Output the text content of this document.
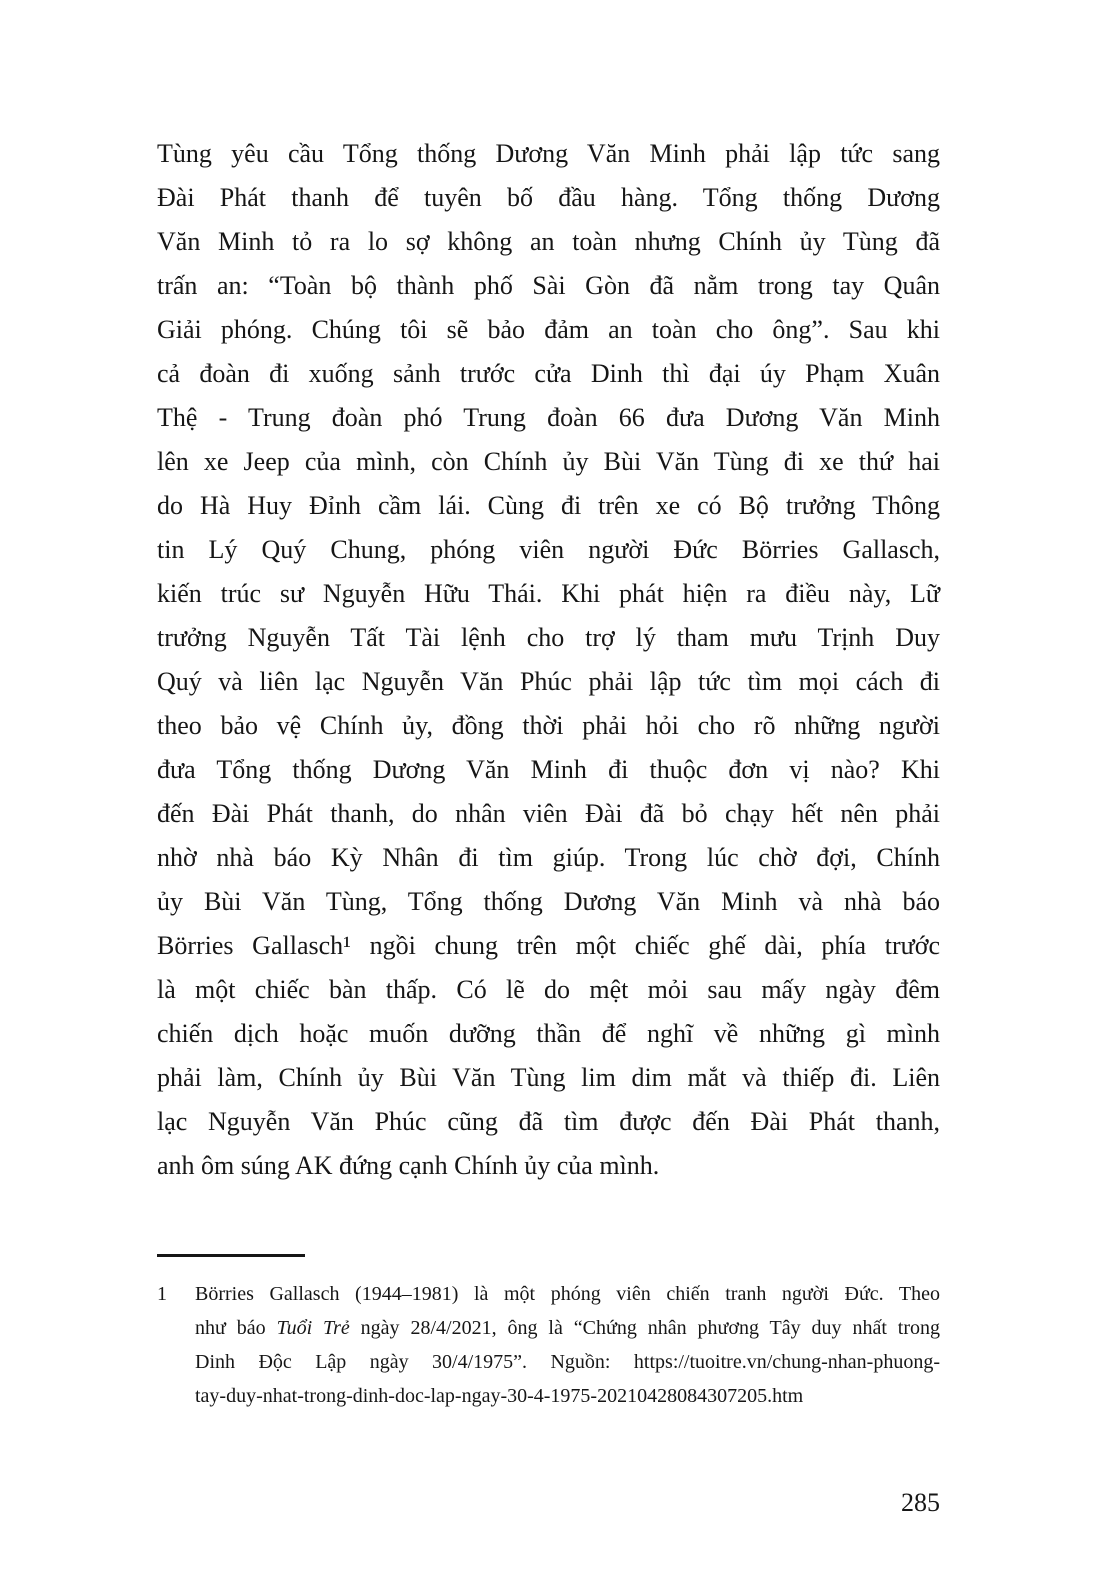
Tùng yêu cầu Tổng thống Dương Văn Minh phải lập tức sang
Đài Phát thanh để tuyên bố đầu hàng. Tổng thống Dương
Văn Minh tỏ ra lo sợ không an toàn nhưng Chính ủy Tùng đã
trấn an: “Toàn bộ thành phố Sài Gòn đã nằm trong tay Quân
Giải phóng. Chúng tôi sẽ bảo đảm an toàn cho ông”. Sau khi
cả đoàn đi xuống sảnh trước cửa Dinh thì đại úy Phạm Xuân
Thệ - Trung đoàn phó Trung đoàn 66 đưa Dương Văn Minh
lên xe Jeep của mình, còn Chính ủy Bùi Văn Tùng đi xe thứ hai
do Hà Huy Đỉnh cầm lái. Cùng đi trên xe có Bộ trưởng Thông
tin Lý Quý Chung, phóng viên người Đức Börries Gallasch,
kiến trúc sư Nguyễn Hữu Thái. Khi phát hiện ra điều này, Lữ
trưởng Nguyễn Tất Tài lệnh cho trợ lý tham mưu Trịnh Duy
Quý và liên lạc Nguyễn Văn Phúc phải lập tức tìm mọi cách đi
theo bảo vệ Chính ủy, đồng thời phải hỏi cho rõ những người
đưa Tổng thống Dương Văn Minh đi thuộc đơn vị nào? Khi
đến Đài Phát thanh, do nhân viên Đài đã bỏ chạy hết nên phải
nhờ nhà báo Kỳ Nhân đi tìm giúp. Trong lúc chờ đợi, Chính
ủy Bùi Văn Tùng, Tổng thống Dương Văn Minh và nhà báo
Börries Gallasch¹ ngồi chung trên một chiếc ghế dài, phía trước
là một chiếc bàn thấp. Có lẽ do mệt mỏi sau mấy ngày đêm
chiến dịch hoặc muốn dưỡng thần để nghĩ về những gì mình
phải làm, Chính ủy Bùi Văn Tùng lim dim mắt và thiếp đi. Liên
lạc Nguyễn Văn Phúc cũng đã tìm được đến Đài Phát thanh,
anh ôm súng AK đứng cạnh Chính ủy của mình.
1 Börries Gallasch (1944–1981) là một phóng viên chiến tranh người Đức. Theo
như báo Tuổi Trẻ ngày 28/4/2021, ông là “Chứng nhân phương Tây duy nhất trong
Dinh Độc Lập ngày 30/4/1975”. Nguồn: https://tuoitre.vn/chung-nhan-phuong-
tay-duy-nhat-trong-dinh-doc-lap-ngay-30-4-1975-20210428084307205.htm
285
